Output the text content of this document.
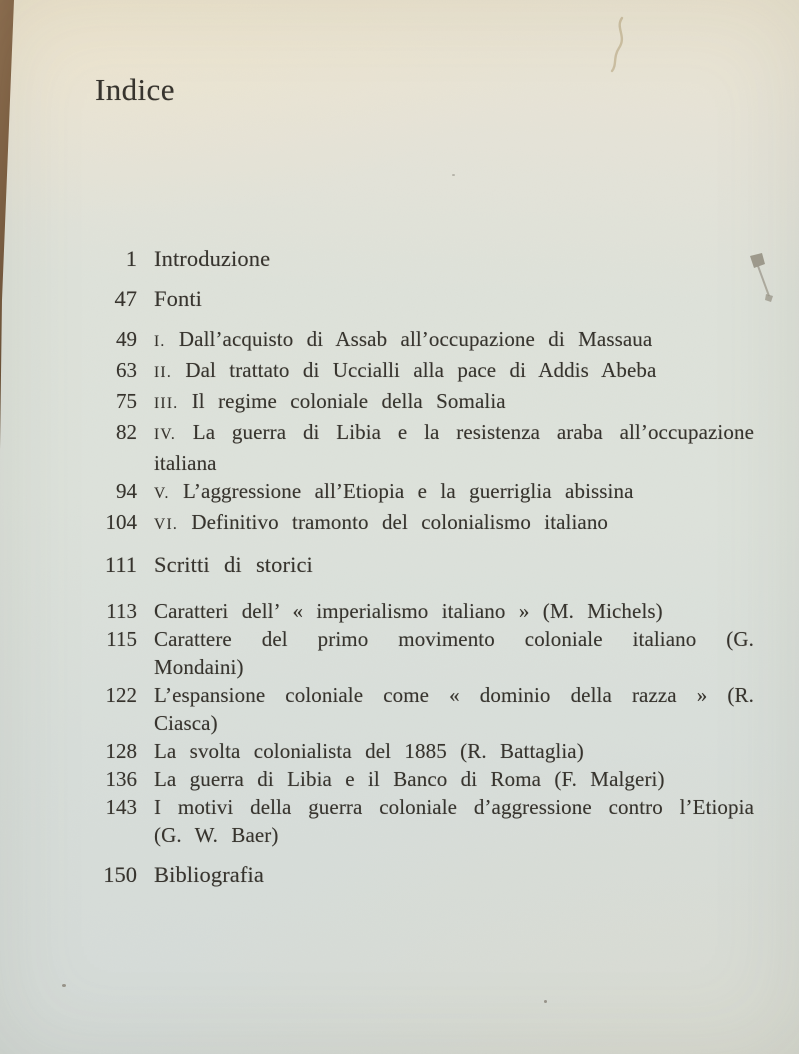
Indice
1 Introduzione
47 Fonti
49 I. Dall’acquisto di Assab all’occupazione di Massaua
63 II. Dal trattato di Uccialli alla pace di Addis Abeba
75 III. Il regime coloniale della Somalia
82 IV. La guerra di Libia e la resistenza araba all’occupazione italiana
94 V. L’aggressione all’Etiopia e la guerriglia abissina
104 VI. Definitivo tramonto del colonialismo italiano
111 Scritti di storici
113 Caratteri dell’ « imperialismo italiano » (M. Michels)
115 Carattere del primo movimento coloniale italiano (G. Mondaini)
122 L’espansione coloniale come « dominio della razza » (R. Ciasca)
128 La svolta colonialista del 1885 (R. Battaglia)
136 La guerra di Libia e il Banco di Roma (F. Malgeri)
143 I motivi della guerra coloniale d’aggressione contro l’Etiopia (G. W. Baer)
150 Bibliografia
